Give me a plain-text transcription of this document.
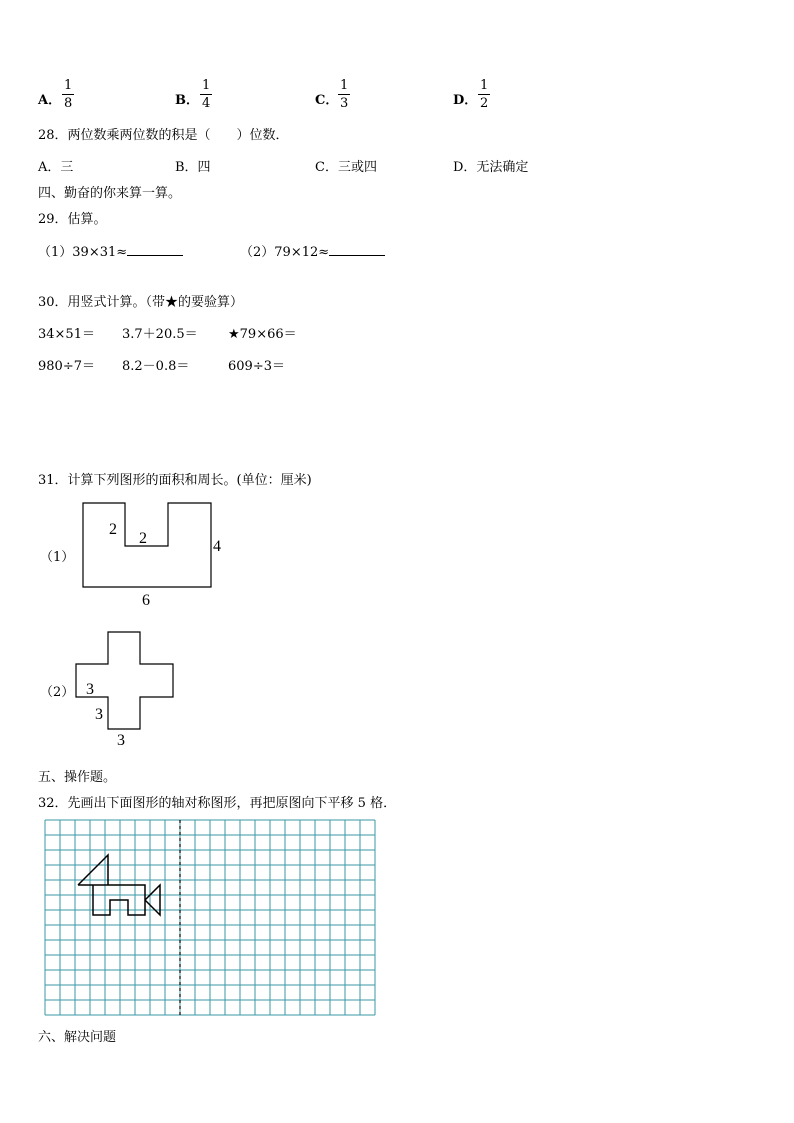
A．
1
8	B．
1
4	C．
1
3	D．
1
2
28．两位数乘两位数的积是（　　）位数．
A．三	B．四	C．三或四	D．无法确定
四、勤奋的你来算一算。
29．估算。
（1）39×31≈	（2）79×12≈
30．用竖式计算。（带★的要验算）
34×51＝ 3.7＋20.5＝ ★79×66＝
980÷7＝ 8.2－0.8＝	609÷3＝
31．计算下列图形的面积和周长。(单位：厘米)
（1）
2
2	4
6
（2） 3
3
3
五、操作题。
32．先画出下面图形的轴对称图形，再把原图向下平移 5 格．
六、解决问题
